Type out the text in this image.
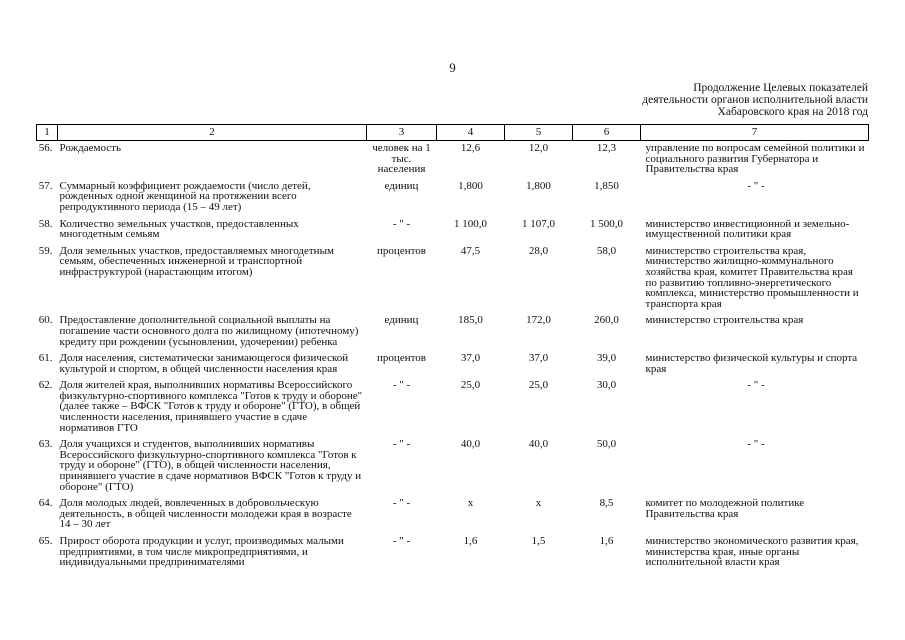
9
Продолжение Целевых показателей деятельности органов исполнительной власти Хабаровского края на 2018 год
1	2	3	4	5	6	7
56.	Рождаемость	человек на 1 тыс. населения	12,6	12,0	12,3	управление по вопросам семейной политики и социального развития Губернатора и Правительства края
57.	Суммарный коэффициент рождаемости (число детей, рожденных одной женщиной на протяжении всего репродуктивного периода (15 – 49 лет)	единиц	1,800	1,800	1,850	- " -
58.	Количество земельных участков, предоставленных многодетным семьям	- " -	1 100,0	1 107,0	1 500,0	министерство инвестиционной и земельно-имущественной политики края
59.	Доля земельных участков, предоставляемых многодетным семьям, обеспеченных инженерной и транспортной инфраструктурой (нарастающим итогом)	процентов	47,5	28,0	58,0	министерство строительства края, министерство жилищно-коммунального хозяйства края, комитет Правительства края по развитию топливно-энергетического комплекса, министерство промышленности и транспорта края
60.	Предоставление дополнительной социальной выплаты на погашение части основного долга по жилищному (ипотечному) кредиту при рождении (усыновлении, удочерении) ребенка	единиц	185,0	172,0	260,0	министерство строительства края
61.	Доля населения, систематически занимающегося физической культурой и спортом, в общей численности населения края	процентов	37,0	37,0	39,0	министерство физической культуры и спорта края
62.	Доля жителей края, выполнивших нормативы Всероссийского физкультурно-спортивного комплекса "Готов к труду и обороне" (далее также – ВФСК "Готов к труду и обороне" (ГТО), в общей численности населения, принявшего участие в сдаче нормативов ГТО	- " -	25,0	25,0	30,0	- " -
63.	Доля учащихся и студентов, выполнивших нормативы Всероссийского физкультурно-спортивного комплекса "Готов к труду и обороне" (ГТО), в общей численности населения, принявшего участие в сдаче нормативов ВФСК "Готов к труду и обороне" (ГТО)	- " -	40,0	40,0	50,0	- " -
64.	Доля молодых людей, вовлеченных в добровольческую деятельность, в общей численности молодежи края в возрасте 14 – 30 лет	- " -	x	x	8,5	комитет по молодежной политике Правительства края
65.	Прирост оборота продукции и услуг, производимых малыми предприятиями, в том числе микропредприятиями, и индивидуальными предпринимателями	- " -	1,6	1,5	1,6	министерство экономического развития края, министерства края, иные органы исполнительной власти края
